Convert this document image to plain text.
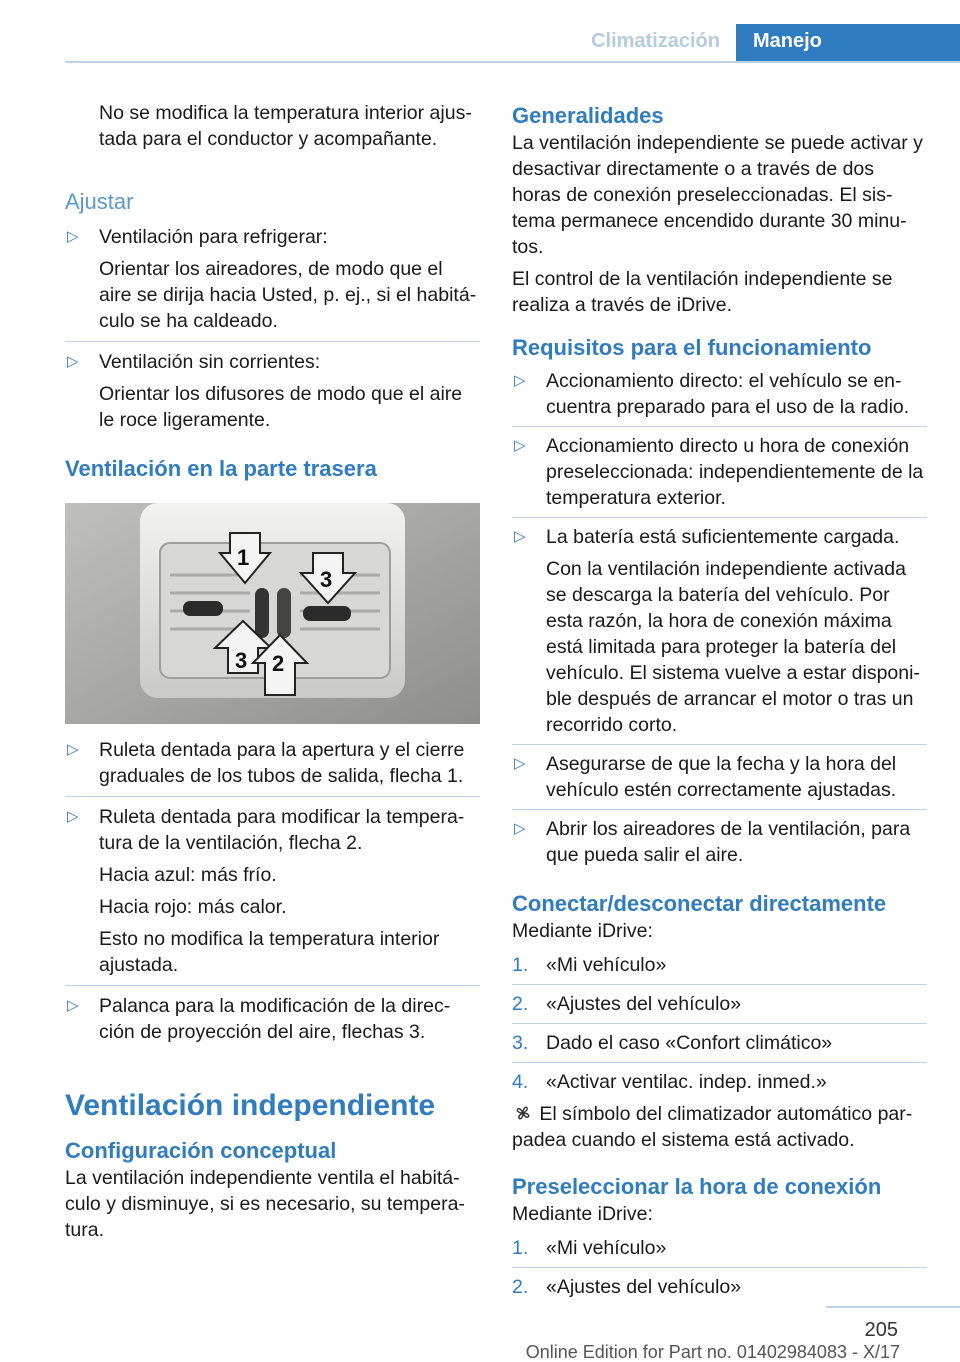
Climatización	Manejo

No se modifica la temperatura interior ajus-tada para el conductor y acompañante.

Ajustar
▷ Ventilación para refrigerar:
Orientar los aireadores, de modo que el aire se dirija hacia Usted, p. ej., si el habitá-culo se ha caldeado.
▷ Ventilación sin corrientes:
Orientar los difusores de modo que el aire le roce ligeramente.
Ventilación en la parte trasera
1
3
3 2
▷ Ruleta dentada para la apertura y el cierre graduales de los tubos de salida, flecha 1.
▷ Ruleta dentada para modificar la tempera-tura de la ventilación, flecha 2.
Hacia azul: más frío.
Hacia rojo: más calor.
Esto no modifica la temperatura interior ajustada.
▷ Palanca para la modificación de la direc-ción de proyección del aire, flechas 3.
Ventilación independiente
Configuración conceptual

La ventilación independiente ventila el habitá-culo y disminuye, si es necesario, su tempera-tura.

Generalidades

La ventilación independiente se puede activar y desactivar directamente o a través de dos horas de conexión preseleccionadas. El sis-tema permanece encendido durante 30 minu-tos.

El control de la ventilación independiente se realiza a través de iDrive.

Requisitos para el funcionamiento
▷ Accionamiento directo: el vehículo se en-cuentra preparado para el uso de la radio.
▷ Accionamiento directo u hora de conexión preseleccionada: independientemente de la temperatura exterior.
▷ La batería está suficientemente cargada.
Con la ventilación independiente activada se descarga la batería del vehículo. Por esta razón, la hora de conexión máxima está limitada para proteger la batería del vehículo. El sistema vuelve a estar disponi-ble después de arrancar el motor o tras un recorrido corto.
▷ Asegurarse de que la fecha y la hora del vehículo estén correctamente ajustadas.
▷ Abrir los aireadores de la ventilación, para que pueda salir el aire.
Conectar/desconectar directamente

Mediante iDrive:

1. «Mi vehículo»
2. «Ajustes del vehículo»
3. Dado el caso «Confort climático»
4. «Activar ventilac. indep. inmed.»

El símbolo del climatizador automático par-padea cuando el sistema está activado.

Preseleccionar la hora de conexión

Mediante iDrive:

1. «Mi vehículo»
2. «Ajustes del vehículo»
205
Online Edition for Part no. 01402984083 - X/17
